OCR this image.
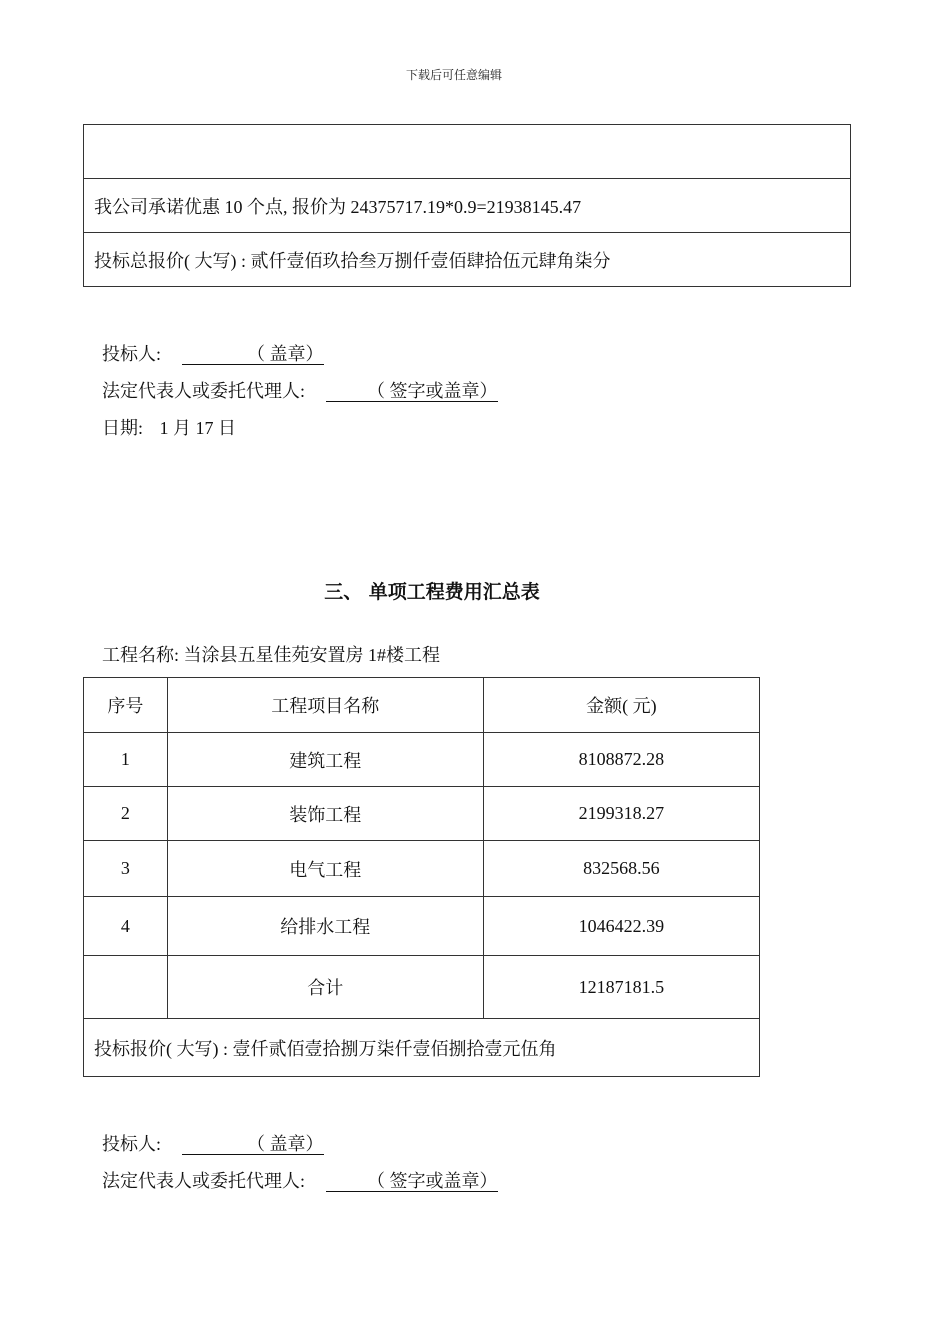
下载后可任意编辑

我公司承诺优惠 10 个点, 报价为 24375717.19*0.9=21938145.47
投标总报价( 大写) : 贰仟壹佰玖拾叁万捌仟壹佰肆拾伍元肆角柒分
投标人:	（ 盖章）
法定代表人或委托代理人:	（ 签字或盖章）
日期: 1 月 17 日
三、 单项工程费用汇总表
工程名称: 当涂县五星佳苑安置房 1#楼工程
序号	工程项目名称	金额( 元)
1	建筑工程	8108872.28
2	装饰工程	2199318.27
3	电气工程	832568.56
4	给排水工程	1046422.39
	合计	12187181.5
投标报价( 大写) : 壹仟贰佰壹拾捌万柒仟壹佰捌拾壹元伍角		
投标人:	（ 盖章）
法定代表人或委托代理人:	（ 签字或盖章）
